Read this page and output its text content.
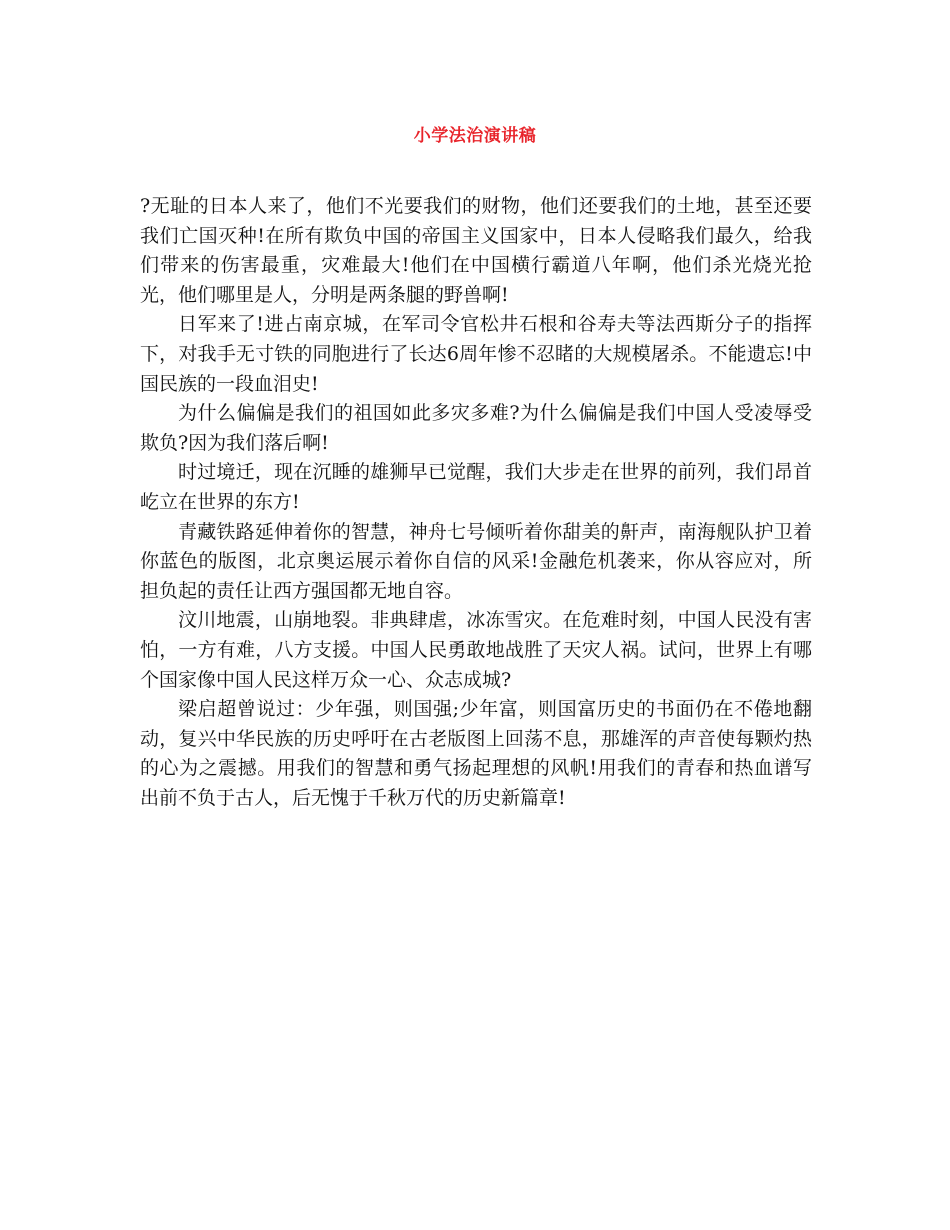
小学法治演讲稿

?无耻的日本人来了，他们不光要我们的财物，他们还要我们的土地，甚至还要我们亡国灭种!在所有欺负中国的帝国主义国家中，日本人侵略我们最久，给我们带来的伤害最重，灾难最大!他们在中国横行霸道八年啊，他们杀光烧光抢光，他们哪里是人，分明是两条腿的野兽啊!

日军来了!进占南京城，在军司令官松井石根和谷寿夫等法西斯分子的指挥下，对我手无寸铁的同胞进行了长达6周年惨不忍睹的大规模屠杀。不能遗忘!中国民族的一段血泪史!

为什么偏偏是我们的祖国如此多灾多难?为什么偏偏是我们中国人受凌辱受欺负?因为我们落后啊!

时过境迁，现在沉睡的雄狮早已觉醒，我们大步走在世界的前列，我们昂首屹立在世界的东方!

青藏铁路延伸着你的智慧，神舟七号倾听着你甜美的鼾声，南海舰队护卫着你蓝色的版图，北京奥运展示着你自信的风采!金融危机袭来，你从容应对，所担负起的责任让西方强国都无地自容。

汶川地震，山崩地裂。非典肆虐，冰冻雪灾。在危难时刻，中国人民没有害怕，一方有难，八方支援。中国人民勇敢地战胜了天灾人祸。试问，世界上有哪个国家像中国人民这样万众一心、众志成城?

梁启超曾说过：少年强，则国强;少年富，则国富历史的书面仍在不倦地翻动，复兴中华民族的历史呼吁在古老版图上回荡不息，那雄浑的声音使每颗灼热的心为之震撼。用我们的智慧和勇气扬起理想的风帆!用我们的青春和热血谱写出前不负于古人，后无愧于千秋万代的历史新篇章!
